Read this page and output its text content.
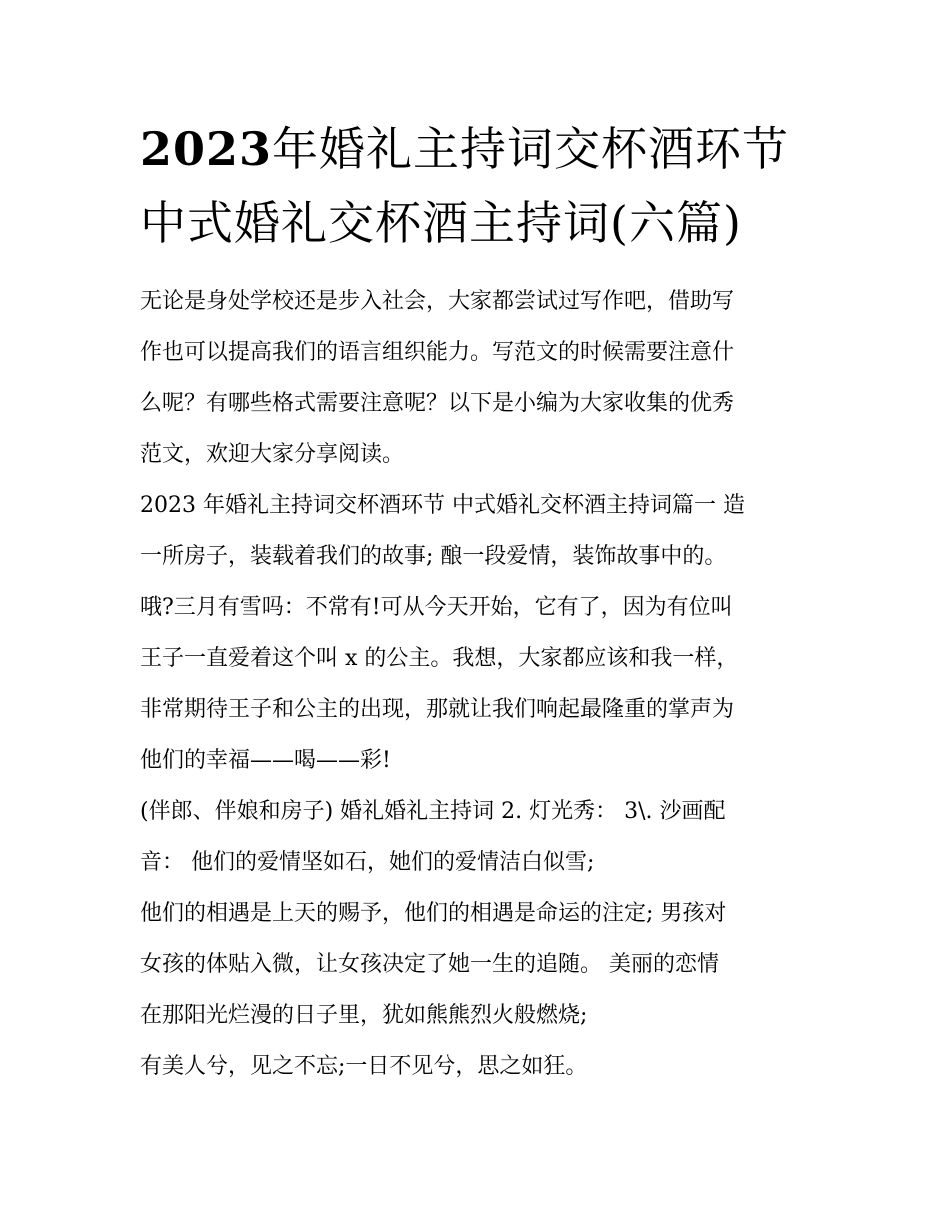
2023年婚礼主持词交杯酒环节
中式婚礼交杯酒主持词(六篇)

无论是身处学校还是步入社会，大家都尝试过写作吧，借助写

作也可以提高我们的语言组织能力。写范文的时候需要注意什

么呢？有哪些格式需要注意呢？以下是小编为大家收集的优秀

范文，欢迎大家分享阅读。

2023 年婚礼主持词交杯酒环节 中式婚礼交杯酒主持词篇一 造

一所房子，装载着我们的故事; 酿一段爱情，装饰故事中的。

哦?三月有雪吗：不常有!可从今天开始，它有了，因为有位叫

王子一直爱着这个叫 x 的公主。我想，大家都应该和我一样，

非常期待王子和公主的出现，那就让我们响起最隆重的掌声为

他们的幸福——喝——彩!

(伴郎、伴娘和房子) 婚礼婚礼主持词 2. 灯光秀： 3\. 沙画配

音： 他们的爱情坚如石，她们的爱情洁白似雪;

他们的相遇是上天的赐予，他们的相遇是命运的注定; 男孩对

女孩的体贴入微，让女孩决定了她一生的追随。 美丽的恋情

在那阳光烂漫的日子里，犹如熊熊烈火般燃烧;

有美人兮，见之不忘;一日不见兮，思之如狂。
